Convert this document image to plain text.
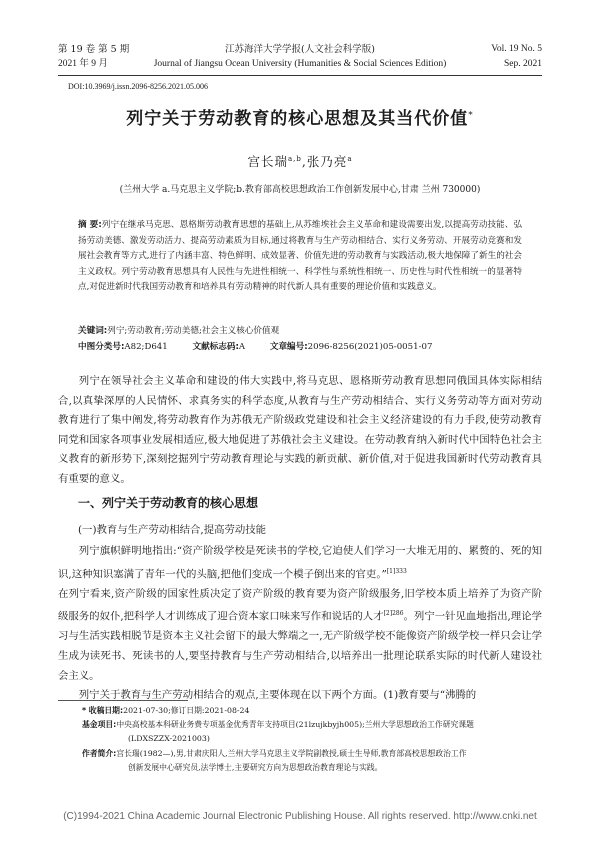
第 19 卷 第 5 期
2021 年 9 月
江苏海洋大学学报(人文社会科学版)
Journal of Jiangsu Ocean University (Humanities & Social Sciences Edition)
Vol. 19 No. 5
Sep. 2021
DOI:10.3969/j.issn.2096-8256.2021.05.006
列宁关于劳动教育的核心思想及其当代价值*
宫长瑞$^{a,b}$,张乃亮$^a$
(兰州大学 a.马克思主义学院;b.教育部高校思想政治工作创新发展中心,甘肃 兰州 730000)
摘 要:列宁在继承马克思、恩格斯劳动教育思想的基础上,从苏维埃社会主义革命和建设需要出发,以提高劳动技能、弘扬劳动美德、激发劳动活力、提高劳动素质为目标,通过将教育与生产劳动相结合、实行义务劳动、开展劳动竞赛和发展社会教育等方式,进行了内涵丰富、特色鲜明、成效显著、价值先进的劳动教育与实践活动,极大地保障了新生的社会主义政权。列宁劳动教育思想具有人民性与先进性相统一、科学性与系统性相统一、历史性与时代性相统一的显著特点,对促进新时代我国劳动教育和培养具有劳动精神的时代新人具有重要的理论价值和实践意义。
关键词:列宁;劳动教育;劳动美德;社会主义核心价值观
中图分类号:A82;D641	文献标志码:A	文章编号:2096-8256(2021)05-0051-07

列宁在领导社会主义革命和建设的伟大实践中,将马克思、恩格斯劳动教育思想同俄国具体实际相结合,以真挚深厚的人民情怀、求真务实的科学态度,从教育与生产劳动相结合、实行义务劳动等方面对劳动教育进行了集中阐发,将劳动教育作为苏俄无产阶级政党建设和社会主义经济建设的有力手段,使劳动教育同党和国家各项事业发展相适应,极大地促进了苏俄社会主义建设。在劳动教育纳入新时代中国特色社会主义教育的新形势下,深刻挖掘列宁劳动教育理论与实践的新贡献、新价值,对于促进我国新时代劳动教育具有重要的意义。

一、列宁关于劳动教育的核心思想
(一)教育与生产劳动相结合,提高劳动技能

列宁旗帜鲜明地指出:“资产阶级学校是死读书的学校,它迫使人们学习一大堆无用的、累赘的、死的知识,这种知识塞满了青年一代的头脑,把他们变成一个模子倒出来的官吏。”$^{[1]333}$

在列宁看来,资产阶级的国家性质决定了资产阶级的教育要为资产阶级服务,旧学校本质上培养了为资产阶级服务的奴仆,把科学人才训练成了迎合资本家口味来写作和说话的人才$^{[2]286}$。列宁一针见血地指出,理论学习与生活实践相脱节是资本主义社会留下的最大弊端之一,无产阶级学校不能像资产阶级学校一样只会让学生成为读死书、死读书的人,要坚持教育与生产劳动相结合,以培养出一批理论联系实际的时代新人建设社会主义。

列宁关于教育与生产劳动相结合的观点,主要体现在以下两个方面。(1)教育要与“沸腾的

* 收稿日期:2021-07-30;修订日期:2021-08-24
基金项目:中央高校基本科研业务费专项基金优秀青年支持项目(21lzujkbyjh005);兰州大学思想政治工作研究课题
(LDXSZZX-2021003)
作者简介:宫长瑞(1982—),男,甘肃庆阳人,兰州大学马克思主义学院副教授,硕士生导师,教育部高校思想政治工作
创新发展中心研究员,法学博士,主要研究方向为思想政治教育理论与实践。
(C)1994-2021 China Academic Journal Electronic Publishing House. All rights reserved. http://www.cnki.net
